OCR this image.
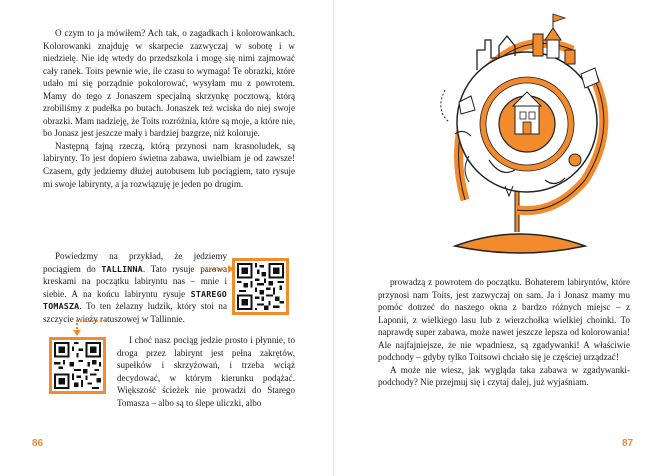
O czym to ja mówiłem? Ach tak, o zagadkach i kolorowankach. Kolorowanki znajduję w skarpecie zazwyczaj w sobotę i w niedzielę. Nie idę wtedy do przedszkola i mogę się nimi zajmować cały ranek. Toits pewnie wie, ile czasu to wymaga! Te obrazki, które udało mi się porządnie pokolorować, wysyłam mu z powrotem. Mamy do tego z Jonaszem specjalną skrzynkę pocztową, którą zrobiliśmy z pudełka po butach. Jonaszek też wciska do niej swoje obrazki. Mam nadzieję, że Toits rozróżnia, które są moje, a które nie, bo Jonasz jest jeszcze mały i bardziej bazgrze, niż koloruje.

Następną fajną rzeczą, którą przynosi nam krasnoludek, są labirynty. To jest dopiero świetna zabawa, uwielbiam je od zawsze! Czasem, gdy jedziemy dłużej autobusem lub pociągiem, tato rysuje mi swoje labirynty, a ja rozwiązuję je jeden po drugim.

Powiedzmy na przykład, że jedziemy pociągiem do TALLINNA. Tato rysuje parowa kreskami na początku labiryntu nas – mnie i siebie. A na końcu labiryntu rysuje STAREGO TOMASZA. To ten żelazny ludzik, który stoi na szczycie wieży ratuszowej w Tallinnie.

I choć nasz pociąg jedzie prosto i płynnie, to droga przez labirynt jest pełna zakrętów, supełków i skrzyżowań, i trzeba wciąż decydować, w którym kierunku podążać. Większość ścieżek nie prowadzi do Starego Tomasza – albo są to ślepe uliczki, albo

86

prowadzą z powrotem do początku. Bohaterem labiryntów, które przynosi nam Toits, jest zazwyczaj on sam. Ja i Jonasz mamy mu pomóc dotrzeć do naszego okna z bardzo różnych miejsc – z Laponii, z wielkiego lasu lub z wierzchołka wielkiej choinki. To naprawdę super zabawa, może nawet jeszcze lepsza od kolorowania! Ale najfajniejsze, że nie wpadniesz, są zgadywanki! A właściwie podchody – gdyby tylko Toitsowi chciało się je częściej urządzać!

A może nie wiesz, jak wygląda taka zabawa w zgadywanki-podchody? Nie przejmuj się i czytaj dalej, już wyjaśniam.

87
